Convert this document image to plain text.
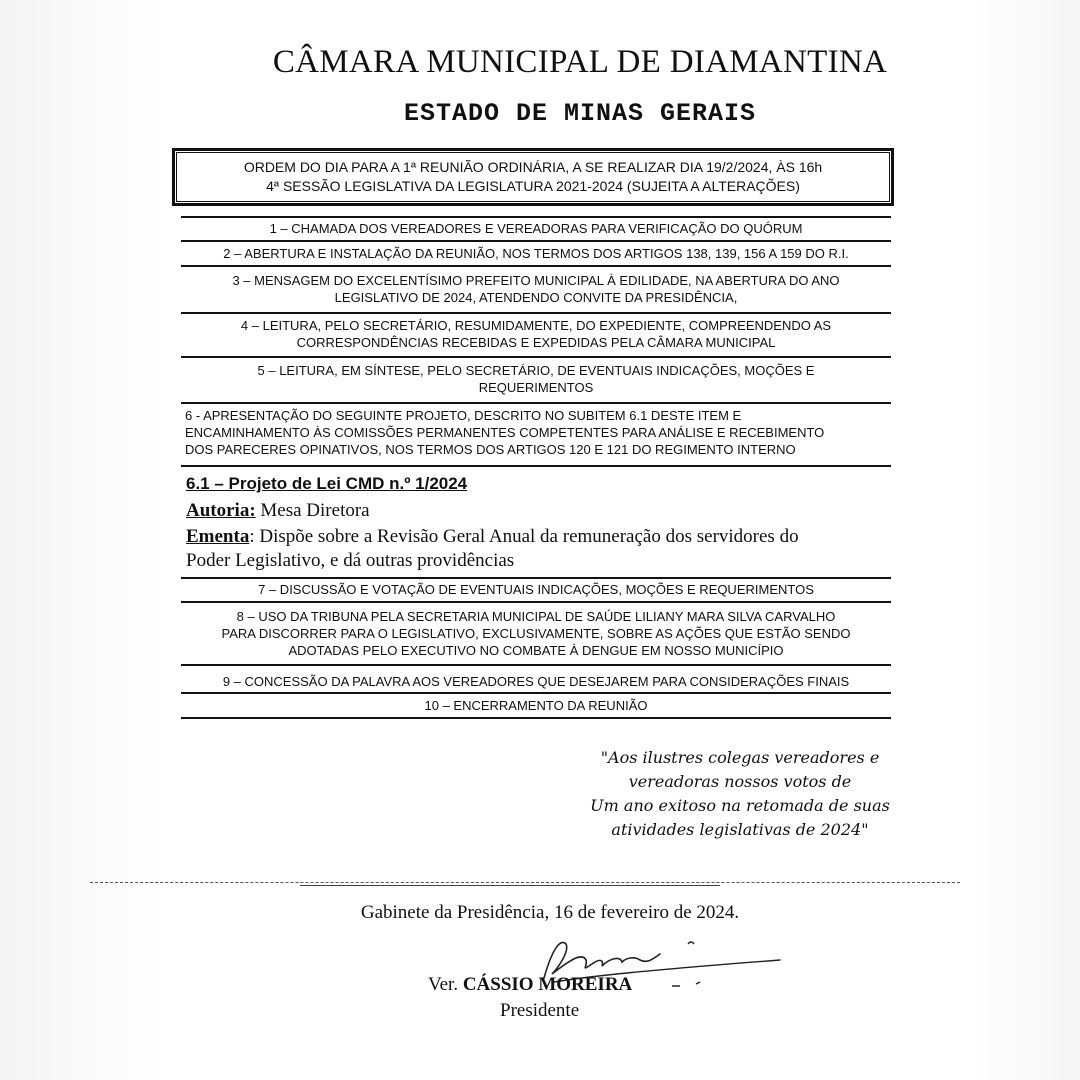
CÂMARA MUNICIPAL DE DIAMANTINA
ESTADO DE MINAS GERAIS
ORDEM DO DIA PARA A 1ª REUNIÃO ORDINÁRIA, A SE REALIZAR DIA 19/2/2024, ÀS 16h
4ª SESSÃO LEGISLATIVA DA LEGISLATURA 2021-2024 (SUJEITA A ALTERAÇÕES)
1 – CHAMADA DOS VEREADORES E VEREADORAS PARA VERIFICAÇÃO DO QUÓRUM
2 – ABERTURA E INSTALAÇÃO DA REUNIÃO, NOS TERMOS DOS ARTIGOS 138, 139, 156 A 159 DO R.I.
3 – MENSAGEM DO EXCELENTÍSIMO PREFEITO MUNICIPAL À EDILIDADE, NA ABERTURA DO ANO
LEGISLATIVO DE 2024, ATENDENDO CONVITE DA PRESIDÊNCIA,
4 – LEITURA, PELO SECRETÁRIO, RESUMIDAMENTE, DO EXPEDIENTE, COMPREENDENDO AS
CORRESPONDÊNCIAS RECEBIDAS E EXPEDIDAS PELA CÂMARA MUNICIPAL
5 – LEITURA, EM SÍNTESE, PELO SECRETÁRIO, DE EVENTUAIS INDICAÇÕES, MOÇÕES E
REQUERIMENTOS
6 - APRESENTAÇÃO DO SEGUINTE PROJETO, DESCRITO NO SUBITEM 6.1 DESTE ITEM E
ENCAMINHAMENTO ÀS COMISSÕES PERMANENTES COMPETENTES PARA ANÁLISE E RECEBIMENTO
DOS PARECERES OPINATIVOS, NOS TERMOS DOS ARTIGOS 120 E 121 DO REGIMENTO INTERNO
6.1 – Projeto de Lei CMD n.º 1/2024
Autoria: Mesa Diretora
Ementa: Dispõe sobre a Revisão Geral Anual da remuneração dos servidores do
Poder Legislativo, e dá outras providências
7 – DISCUSSÃO E VOTAÇÃO DE EVENTUAIS INDICAÇÕES, MOÇÕES E REQUERIMENTOS
8 – USO DA TRIBUNA PELA SECRETARIA MUNICIPAL DE SAÚDE LILIANY MARA SILVA CARVALHO
PARA DISCORRER PARA O LEGISLATIVO, EXCLUSIVAMENTE, SOBRE AS AÇÕES QUE ESTÃO SENDO
ADOTADAS PELO EXECUTIVO NO COMBATE À DENGUE EM NOSSO MUNICÍPIO
9 – CONCESSÃO DA PALAVRA AOS VEREADORES QUE DESEJAREM PARA CONSIDERAÇÕES FINAIS
10 – ENCERRAMENTO DA REUNIÃO
"Aos ilustres colegas vereadores e
vereadoras nossos votos de
Um ano exitoso na retomada de suas
atividades legislativas de 2024"
Gabinete da Presidência, 16 de fevereiro de 2024.
Ver. CÁSSIO MOREIRA
Presidente
